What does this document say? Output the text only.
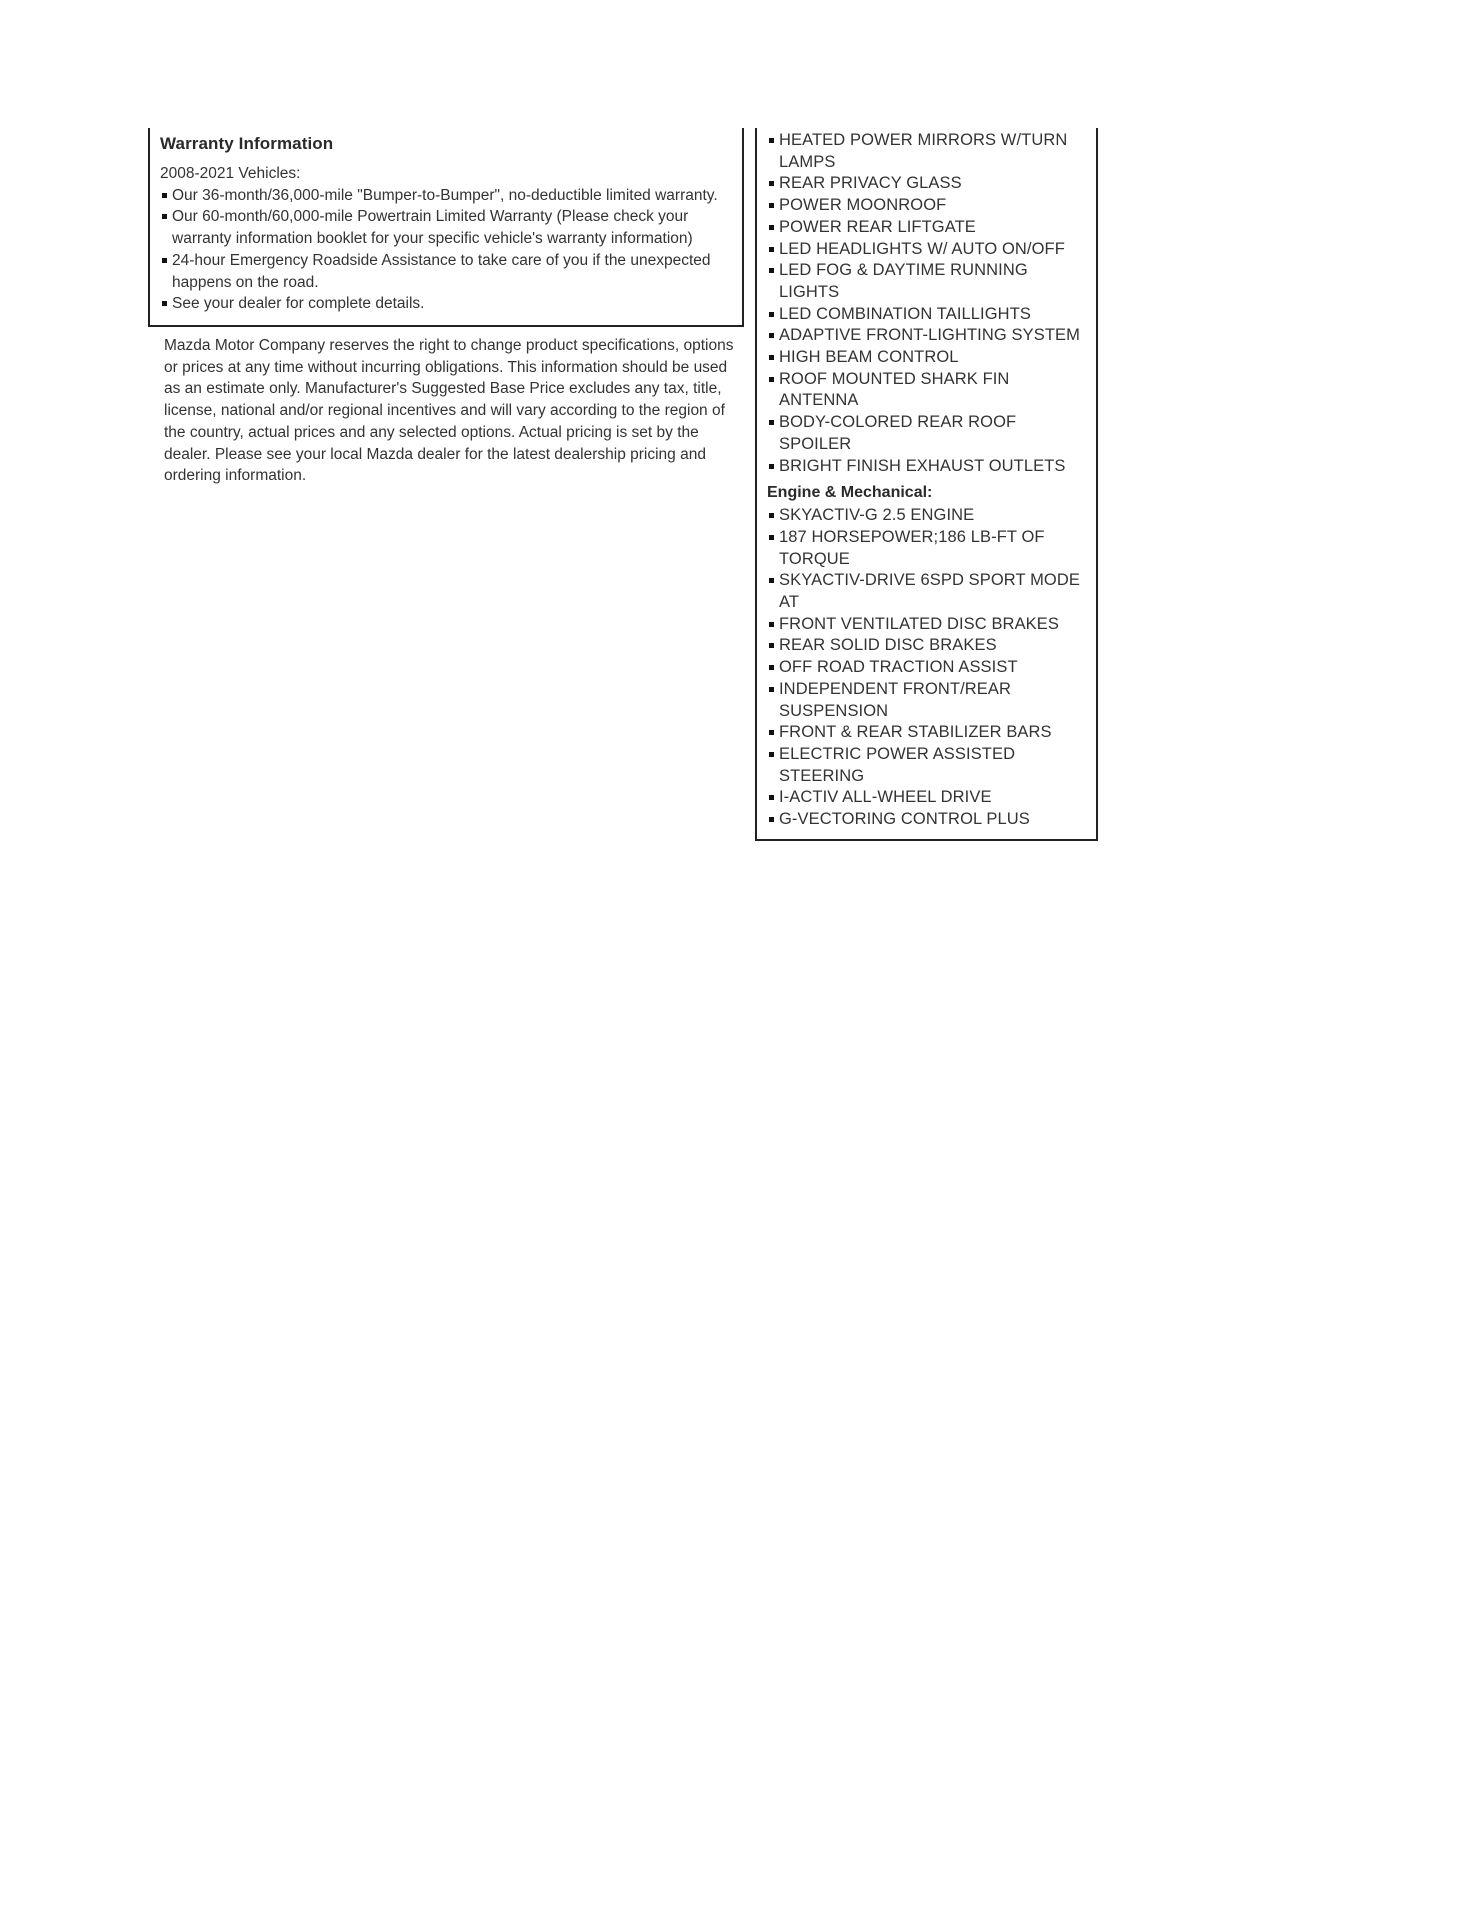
Warranty Information

2008-2021 Vehicles:

Our 36-month/36,000-mile "Bumper-to-Bumper", no-deductible limited warranty.
Our 60-month/60,000-mile Powertrain Limited Warranty (Please check your warranty information booklet for your specific vehicle's warranty information)
24-hour Emergency Roadside Assistance to take care of you if the unexpected happens on the road.
See your dealer for complete details.

Mazda Motor Company reserves the right to change product specifications, options or prices at any time without incurring obligations. This information should be used as an estimate only. Manufacturer's Suggested Base Price excludes any tax, title, license, national and/or regional incentives and will vary according to the region of the country, actual prices and any selected options. Actual pricing is set by the dealer. Please see your local Mazda dealer for the latest dealership pricing and ordering information.

HEATED POWER MIRRORS W/TURN LAMPS
REAR PRIVACY GLASS
POWER MOONROOF
POWER REAR LIFTGATE
LED HEADLIGHTS W/ AUTO ON/OFF
LED FOG & DAYTIME RUNNING LIGHTS
LED COMBINATION TAILLIGHTS
ADAPTIVE FRONT-LIGHTING SYSTEM
HIGH BEAM CONTROL
ROOF MOUNTED SHARK FIN ANTENNA
BODY-COLORED REAR ROOF SPOILER
BRIGHT FINISH EXHAUST OUTLETS
Engine & Mechanical:
SKYACTIV-G 2.5 ENGINE
187 HORSEPOWER;186 LB-FT OF TORQUE
SKYACTIV-DRIVE 6SPD SPORT MODE AT
FRONT VENTILATED DISC BRAKES
REAR SOLID DISC BRAKES
OFF ROAD TRACTION ASSIST
INDEPENDENT FRONT/REAR SUSPENSION
FRONT & REAR STABILIZER BARS
ELECTRIC POWER ASSISTED STEERING
I-ACTIV ALL-WHEEL DRIVE
G-VECTORING CONTROL PLUS
